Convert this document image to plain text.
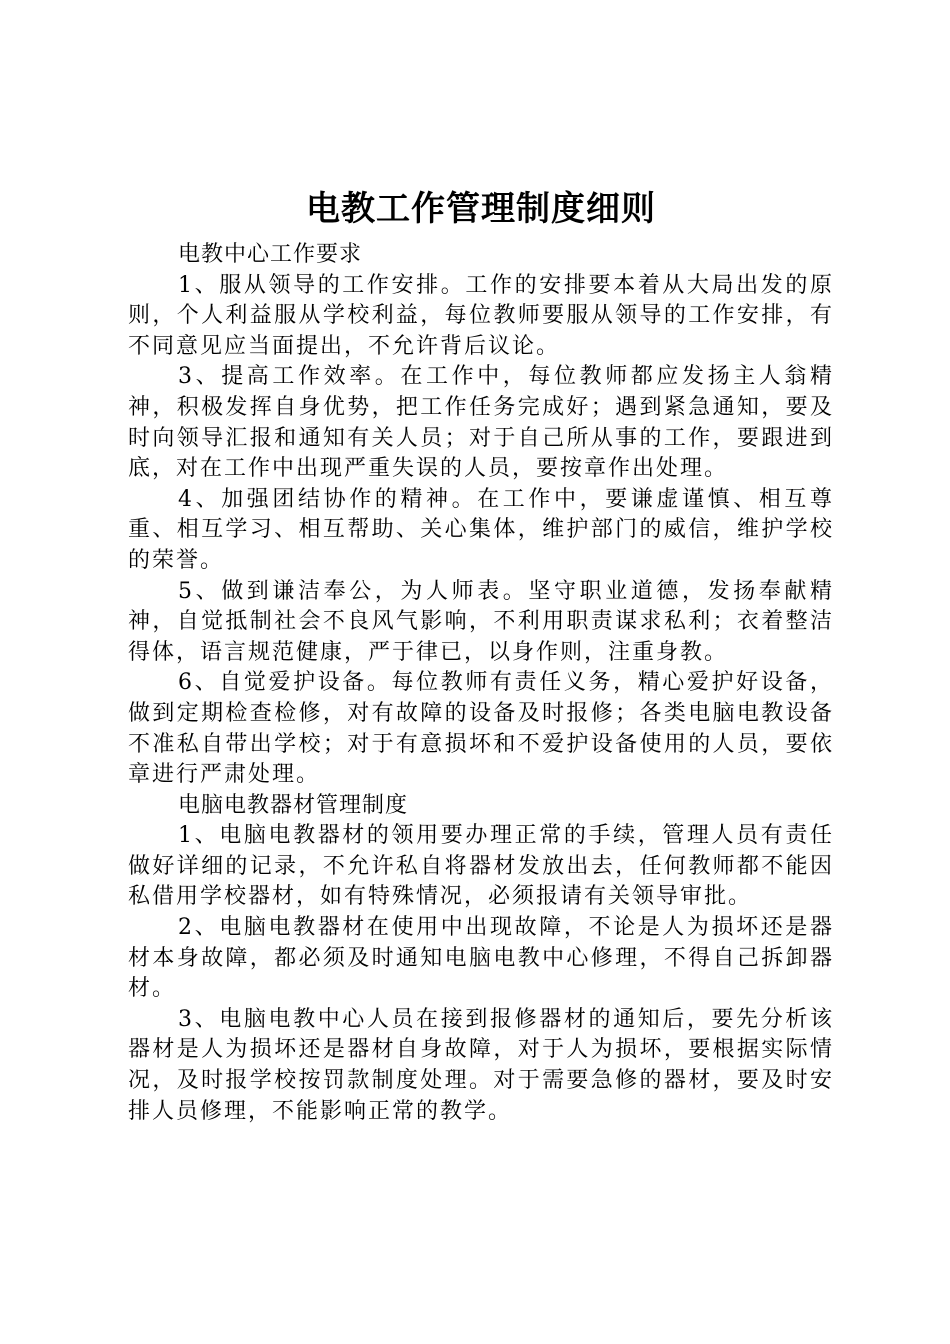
电教工作管理制度细则

电教中心工作要求

1、服从领导的工作安排。工作的安排要本着从大局出发的原则，个人利益服从学校利益，每位教师要服从领导的工作安排，有不同意见应当面提出，不允许背后议论。

3、提高工作效率。在工作中，每位教师都应发扬主人翁精神，积极发挥自身优势，把工作任务完成好；遇到紧急通知，要及时向领导汇报和通知有关人员；对于自己所从事的工作，要跟进到底，对在工作中出现严重失误的人员，要按章作出处理。

4、加强团结协作的精神。在工作中，要谦虚谨慎、相互尊重、相互学习、相互帮助、关心集体，维护部门的威信，维护学校的荣誉。

5、做到谦洁奉公，为人师表。坚守职业道德，发扬奉献精神，自觉抵制社会不良风气影响，不利用职责谋求私利；衣着整洁得体，语言规范健康，严于律已，以身作则，注重身教。

6、自觉爱护设备。每位教师有责任义务，精心爱护好设备，做到定期检查检修，对有故障的设备及时报修；各类电脑电教设备不准私自带出学校；对于有意损坏和不爱护设备使用的人员，要依章进行严肃处理。

电脑电教器材管理制度

1、电脑电教器材的领用要办理正常的手续，管理人员有责任做好详细的记录，不允许私自将器材发放出去，任何教师都不能因私借用学校器材，如有特殊情况，必须报请有关领导审批。

2、电脑电教器材在使用中出现故障，不论是人为损坏还是器材本身故障，都必须及时通知电脑电教中心修理，不得自己拆卸器材。

3、电脑电教中心人员在接到报修器材的通知后，要先分析该器材是人为损坏还是器材自身故障，对于人为损坏，要根据实际情况，及时报学校按罚款制度处理。对于需要急修的器材，要及时安排人员修理，不能影响正常的教学。
